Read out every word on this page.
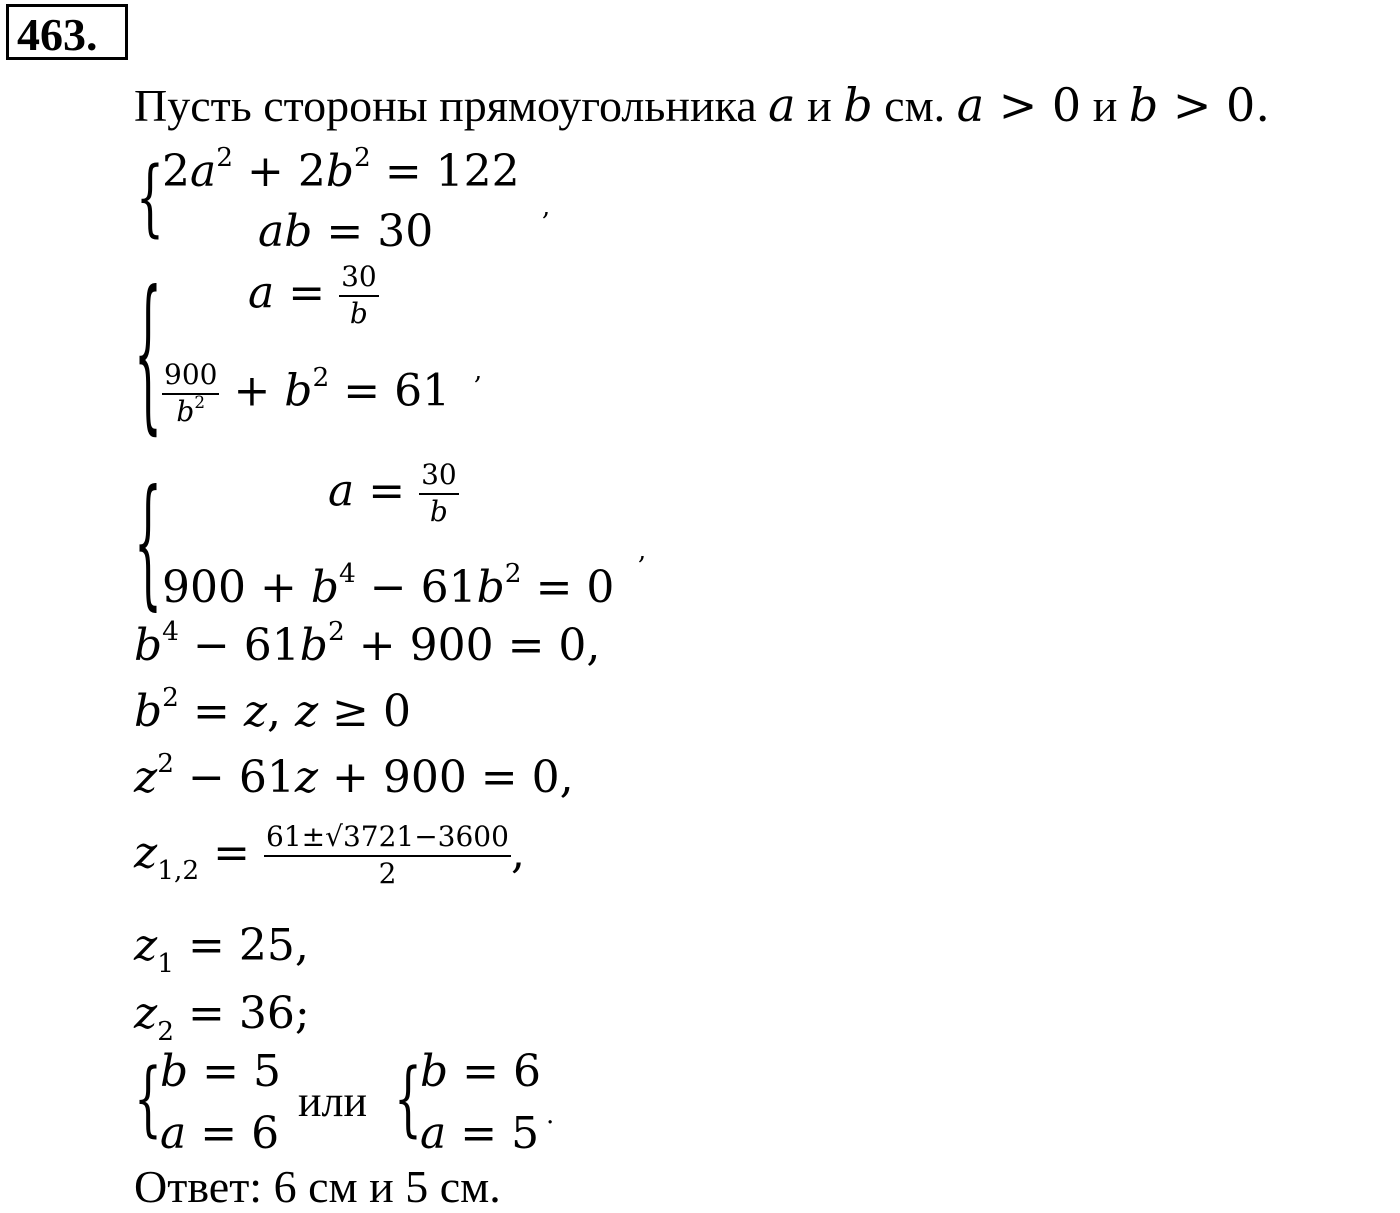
463.
Пусть стороны прямоугольника a и b см. a > 0 и b > 0.
{
$2a^2 + 2b^2 = 122$
ab = 30	,
{ $a = \frac{30}{b}$
$\frac{900}{b^2} + b^2 = 61$ ,
{	$a = \frac{30}{b}$
$900 + b^4 - 61b^2 = 0$
,
$b^4 - 61b^2 + 900 = 0$,
$b^2 = z$, z ≥ 0
$z^2 - 61z + 900 = 0$,
$z_{1,2} = \frac{61\pm√3721-3600}{2}$ ,
$z_1 = 25$,
$z_2 = 36$;
{
b = 5
a = 6
или {
b = 6
a = 5 .
Ответ: 6 см и 5 см.
